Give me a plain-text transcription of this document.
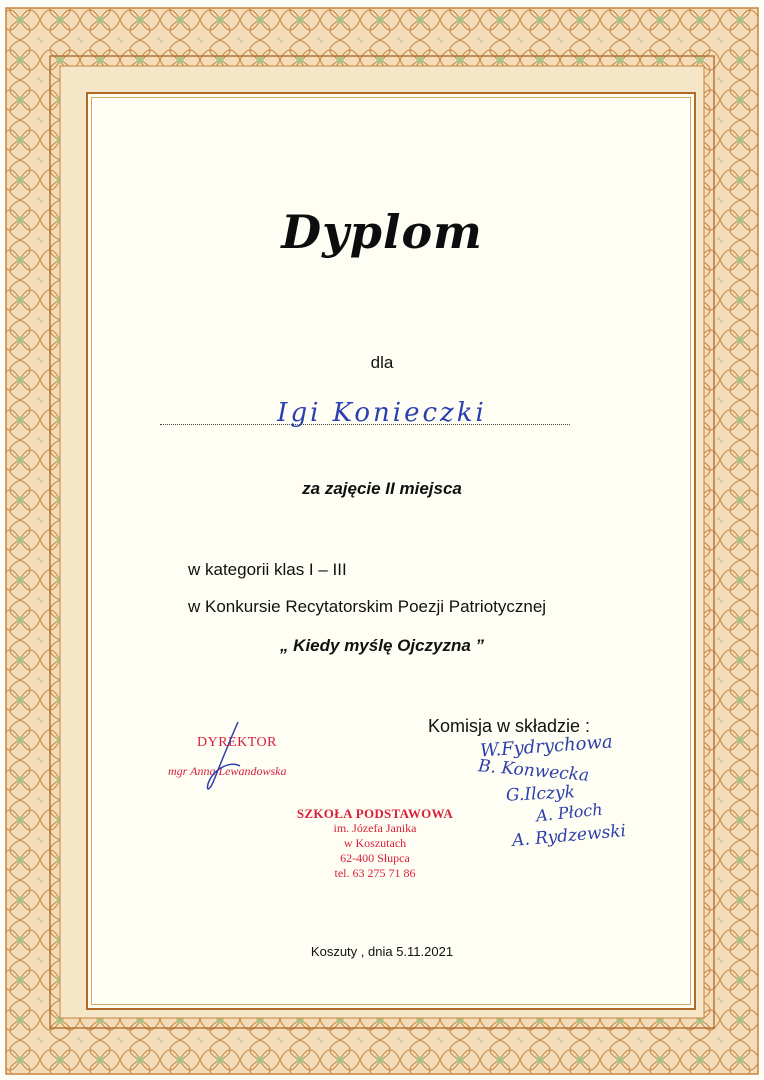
Dyplom
dla
Igi Konieczki
za zajęcie II miejsca
w kategorii klas I – III
w Konkursie Recytatorskim Poezji Patriotycznej
„ Kiedy myślę Ojczyzna ”
Komisja w składzie :
DYREKTOR
mgr Anna Lewandowska
SZKOŁA PODSTAWOWA
im. Józefa Janika
w Koszutach
62-400 Słupca
tel. 63 275 71 86
W.Fydrychowa
B. Konwecka
G.Ilczyk
A. Płoch
A. Rydzewski
Koszuty , dnia 5.11.2021
